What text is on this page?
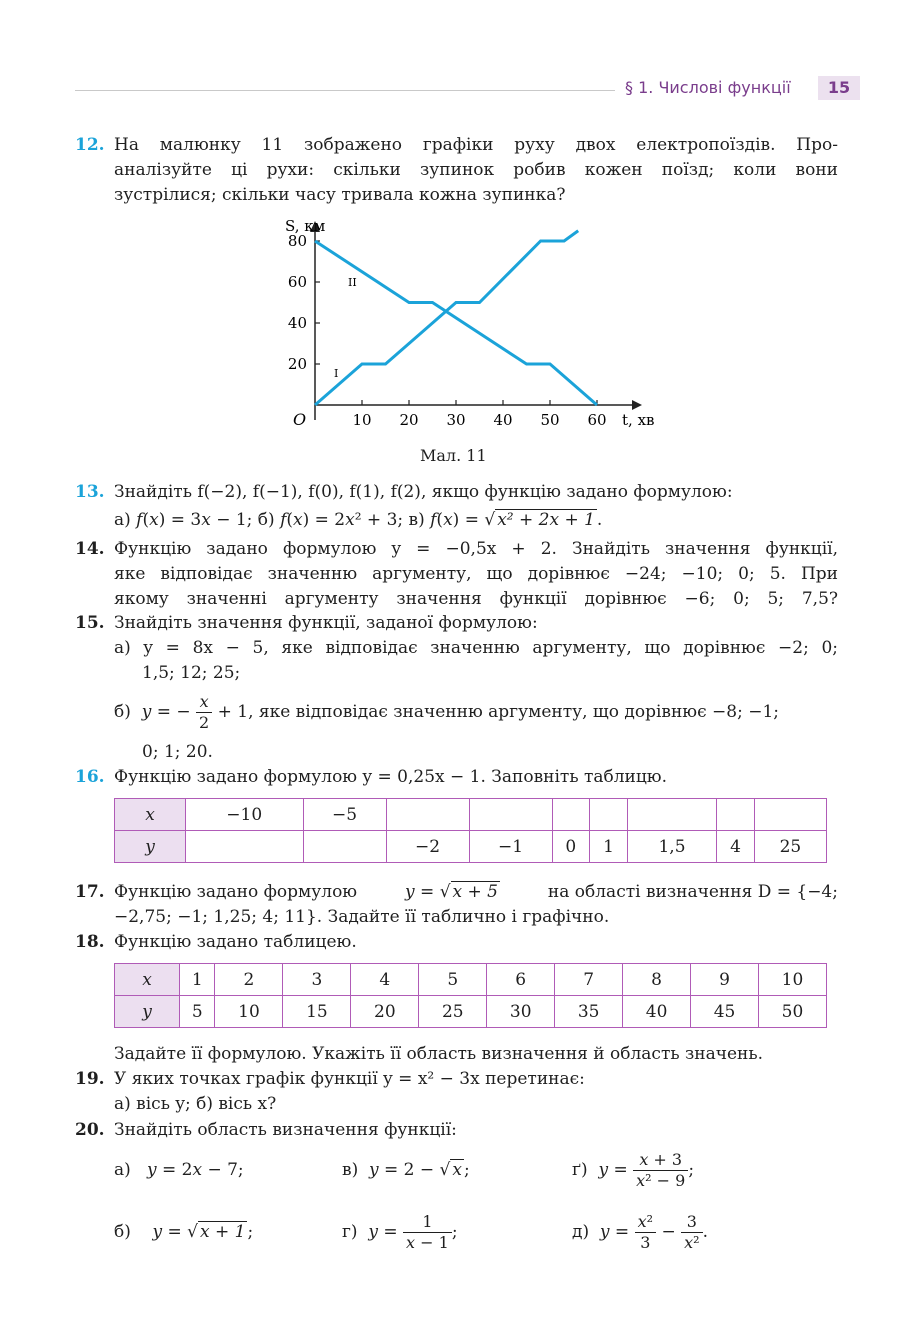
§ 1. Числові функції	15
12. На малюнку 11 зображено графіки руху двох електропоїздів. Про-
аналізуйте ці рухи: скільки зупинок робив кожен поїзд; коли вони
зустрілися; скільки часу тривала кожна зупинка?
10 20 30 40 50 60
20
40
60
80
S, км
t, хв
O
I
II
Мал. 11
13. Знайдіть f(−2), f(−1), f(0), f(1), f(2), якщо функцію задано формулою:
а) f(x) = 3x − 1; б) f(x) = 2x² + 3; в) f(x) = √ x² + 2x + 1 .
14. Функцію задано формулою y = −0,5x + 2. Знайдіть значення функції,
яке відповідає значенню аргументу, що дорівнює −24; −10; 0; 5. При
якому значенні аргументу значення функції дорівнює −6; 0; 5; 7,5?
15. Знайдіть значення функції, заданої формулою:
а) y = 8x − 5, яке відповідає значенню аргументу, що дорівнює −2; 0;
1,5; 12; 25;
б)  y = − $\frac{x}{2} + 1$, яке відповідає значенню аргументу, що дорівнює −8; −1;
0; 1; 20.
16. Функцію задано формулою y = 0,25x − 1. Заповніть таблицю.
x	−10	−5							
y			−2	−1	0	1	1,5	4	25
17. Функцію задано формулою	y = √ x + 5	на області визначення D = {−4;
−2,75; −1; 1,25; 4; 11}. Задайте її таблично і графічно.
18. Функцію задано таблицею.
x	1	2	3	4	5	6	7	8	9	10
y	5	10	15	20	25	30	35	40	45	50
Задайте її формулою. Укажіть її область визначення й область значень.
19. У яких точках графік функції y = x² − 3x перетинає:
а) вісь y; б) вісь x?
20. Знайдіть область визначення функції:
а)   y = 2x − 7;	в)  y = 2 − √ x ;	ґ)  $y = \frac{x + 3}{\text{x² − 9}}$ ;
б)    y = √ x + 1 ;	г)  $y = \frac{1}{x - 1}$ ;	д)  $y = \frac{\text{x²}}{3} - \frac{3}{\text{x²}}$ .
